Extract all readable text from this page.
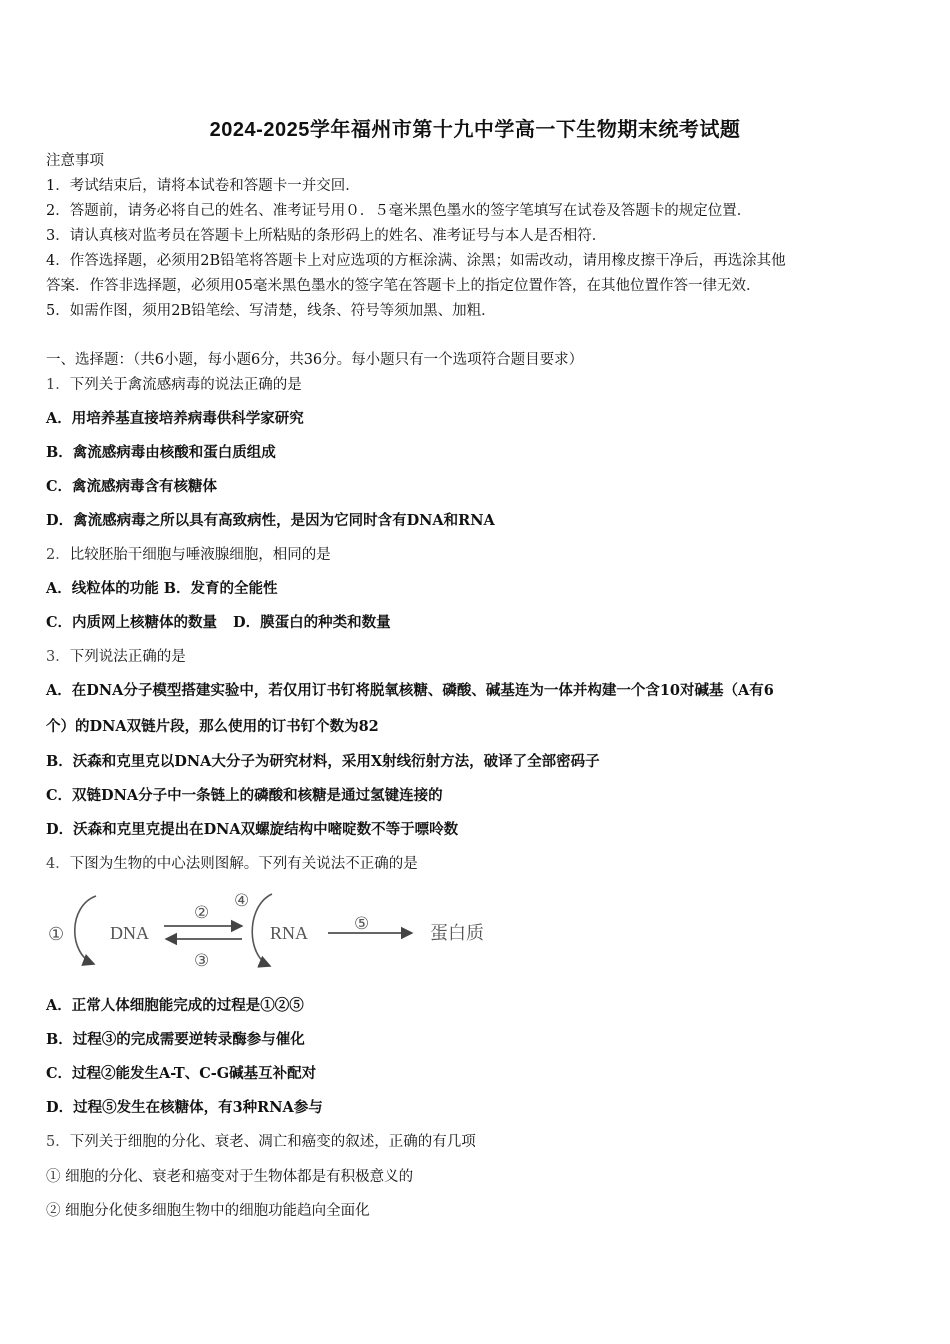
2024-2025学年福州市第十九中学高一下生物期末统考试题
注意事项
1．考试结束后，请将本试卷和答题卡一并交回．
2．答题前，请务必将自己的姓名、准考证号用０．５毫米黑色墨水的签字笔填写在试卷及答题卡的规定位置．
3．请认真核对监考员在答题卡上所粘贴的条形码上的姓名、准考证号与本人是否相符．
4．作答选择题，必须用2B铅笔将答题卡上对应选项的方框涂满、涂黑；如需改动，请用橡皮擦干净后，再选涂其他
答案．作答非选择题，必须用05毫米黑色墨水的签字笔在答题卡上的指定位置作答，在其他位置作答一律无效．
5．如需作图，须用2B铅笔绘、写清楚，线条、符号等须加黑、加粗．
一、选择题：（共6小题，每小题6分，共36分。每小题只有一个选项符合题目要求）
1．下列关于禽流感病毒的说法正确的是
A．用培养基直接培养病毒供科学家研究
B．禽流感病毒由核酸和蛋白质组成
C．禽流感病毒含有核糖体
D．禽流感病毒之所以具有高致病性，是因为它同时含有DNA和RNA
2．比较胚胎干细胞与唾液腺细胞，相同的是
A．线粒体的功能 B．发育的全能性
C．内质网上核糖体的数量 D．膜蛋白的种类和数量
3．下列说法正确的是
A．在DNA分子模型搭建实验中，若仅用订书钉将脱氧核糖、磷酸、碱基连为一体并构建一个含10对碱基（A有6
个）的DNA双链片段，那么使用的订书钉个数为82
B．沃森和克里克以DNA大分子为研究材料，采用X射线衍射方法，破译了全部密码子
C．双链DNA分子中一条链上的磷酸和核糖是通过氢键连接的
D．沃森和克里克提出在DNA双螺旋结构中嘧啶数不等于嘌呤数
4．下图为生物的中心法则图解。下列有关说法不正确的是
①	DNA
②
③
④
RNA	⑤	蛋白质
A．正常人体细胞能完成的过程是①②⑤
B．过程③的完成需要逆转录酶参与催化
C．过程②能发生A-T、C-G碱基互补配对
D．过程⑤发生在核糖体，有3种RNA参与
5．下列关于细胞的分化、衰老、凋亡和癌变的叙述，正确的有几项
① 细胞的分化、衰老和癌变对于生物体都是有积极意义的
② 细胞分化使多细胞生物中的细胞功能趋向全面化
